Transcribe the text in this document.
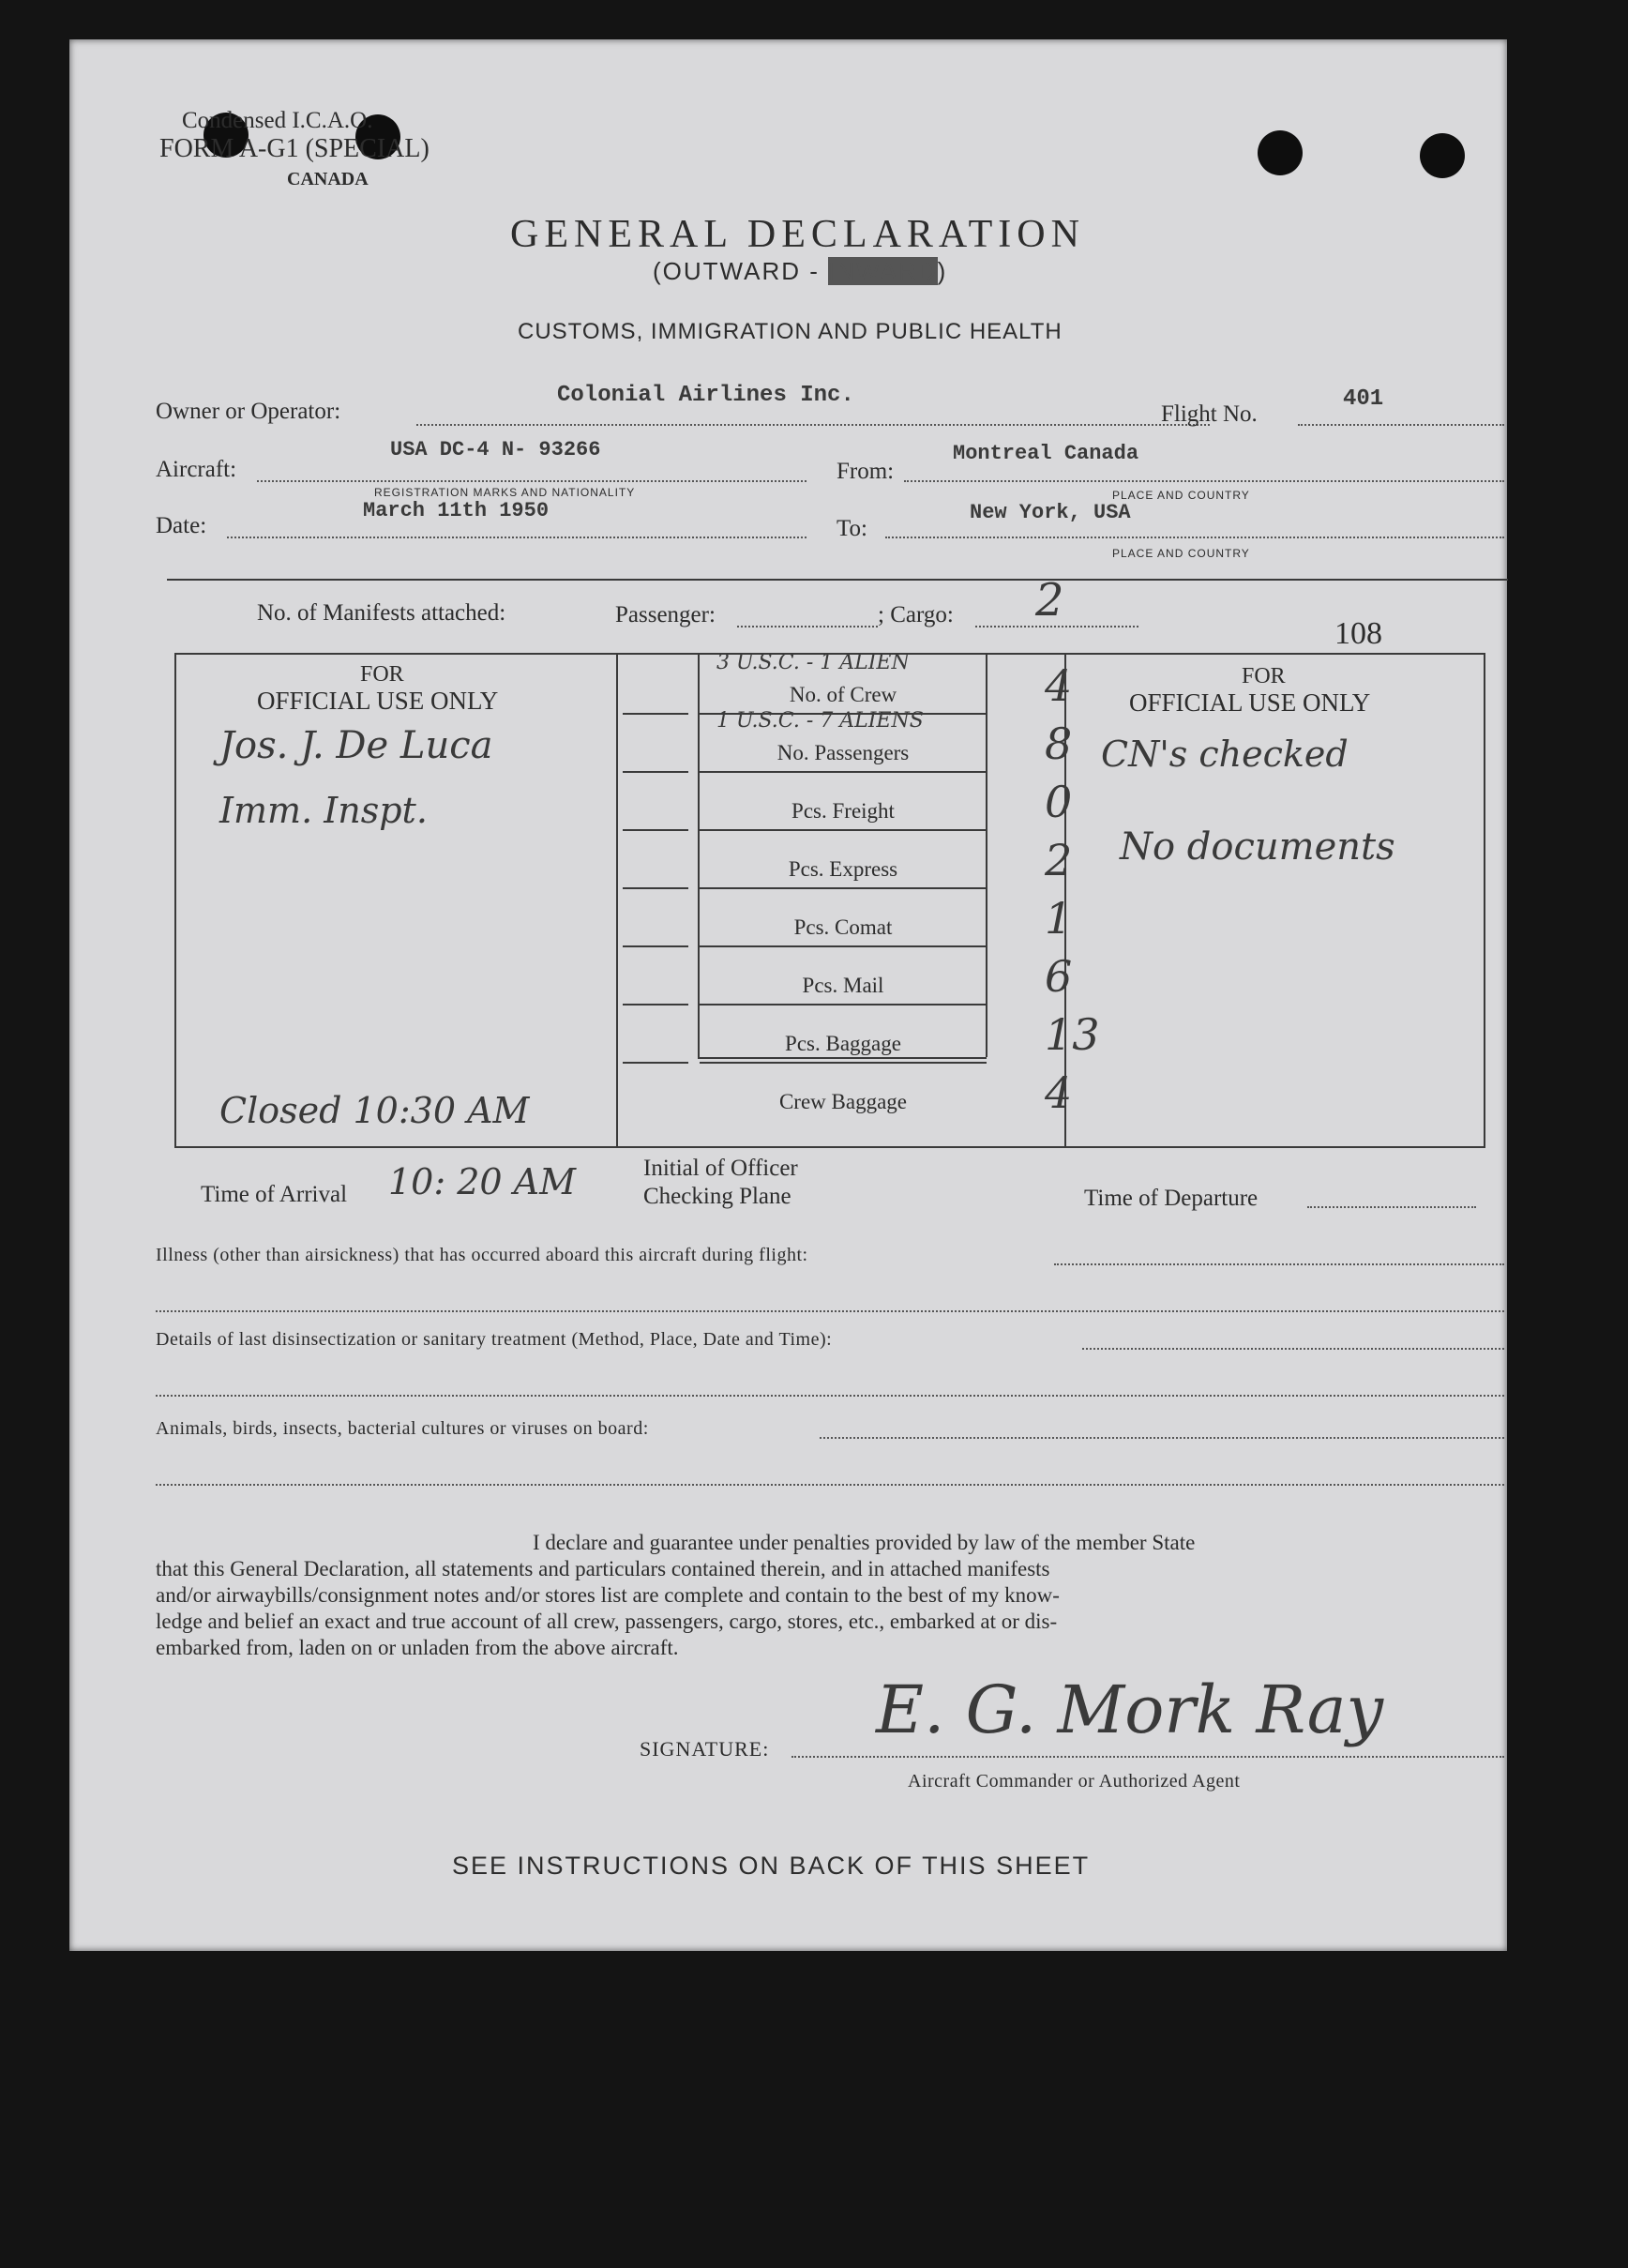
Condensed I.C.A.O.
FORM A-G1 (SPECIAL)
CANADA
GENERAL DECLARATION
(OUTWARD - INWARD)
CUSTOMS, IMMIGRATION AND PUBLIC HEALTH
Owner or Operator:
Colonial Airlines Inc.
Flight No.
401
Aircraft:
USA DC-4 N- 93266
REGISTRATION MARKS AND NATIONALITY
From:
Montreal Canada
PLACE AND COUNTRY
Date:
March 11th 1950
To:
New York, USA
PLACE AND COUNTRY
No. of Manifests attached:	Passenger:	; Cargo: 2
108
FOR
OFFICIAL USE ONLY
FOR
OFFICIAL USE ONLY
3 U.S.C. - 1 ALIEN
No. of Crew	4
1 U.S.C. - 7 ALIENS
No. Passengers	8
Pcs. Freight	0
Pcs. Express	2
Pcs. Comat	1
Pcs. Mail	6
Pcs. Baggage	13
Crew Baggage	4
Jos. J. De Luca
Imm. Inspt.
Closed 10:30 AM
Time of Arrival 10: 20 AM	Initial of Officer
Checking Plane
CN's checked
No documents
Time of Departure
Illness (other than airsickness) that has occurred aboard this aircraft during flight:
Details of last disinsectization or sanitary treatment (Method, Place, Date and Time):
Animals, birds, insects, bacterial cultures or viruses on board:
I declare and guarantee under penalties provided by law of the member State
that this General Declaration, all statements and particulars contained therein, and in attached manifests
and/or airwaybills/consignment notes and/or stores list are complete and contain to the best of my know-
ledge and belief an exact and true account of all crew, passengers, cargo, stores, etc., embarked at or dis-
embarked from, laden on or unladen from the above aircraft.
SIGNATURE:
E. G. Mork Ray
Aircraft Commander or Authorized Agent
SEE INSTRUCTIONS ON BACK OF THIS SHEET
